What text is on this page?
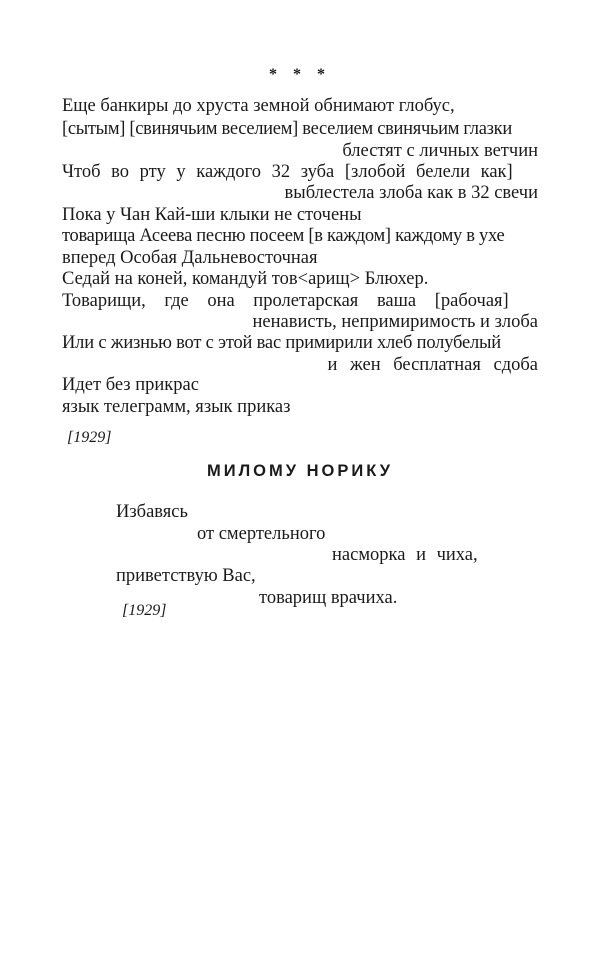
* * *
Еще банкиры до хруста земной обнимают глобус,
[сытым] [свинячьим веселием] веселием свинячьим глазки
блестят с личных ветчин
Чтоб во рту у каждого 32 зуба [злобой белели как]
выблестела злоба как в 32 свечи
Пока у Чан Кай-ши клыки не сточены
товарища Асеева песню посеем [в каждом] каждому в ухе
вперед Особая Дальневосточная
Седай на коней, командуй тов<арищ> Блюхер.
Товарищи, где она пролетарская ваша [рабочая]
ненависть, непримиримость и злоба
Или с жизнью вот с этой вас примирили хлеб полубелый
и жен бесплатная сдоба
Идет без прикрас
язык телеграмм, язык приказ
[1929]
МИЛОМУ НОРИКУ
Избавясь
от смертельного
насморка и чиха,
приветствую Вас,
товарищ врачиха.
[1929]
